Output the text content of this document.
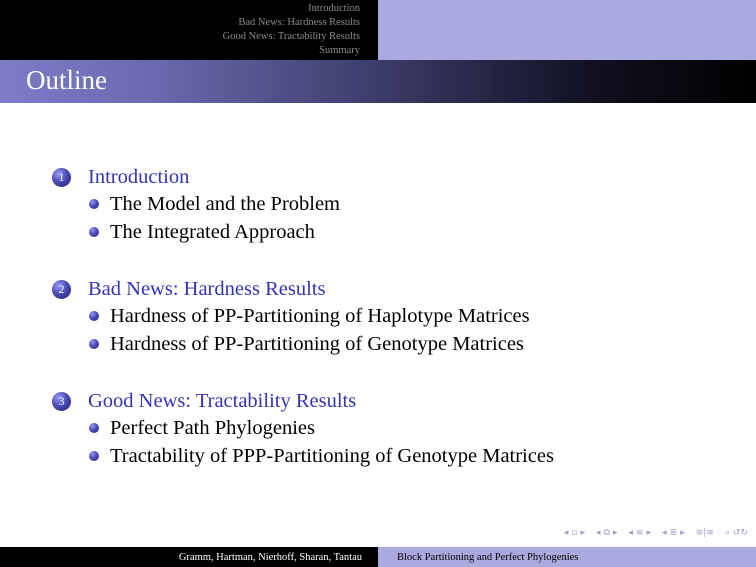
Introduction
Bad News: Hardness Results
Good News: Tractability Results
Summary
Outline
1	Introduction
The Model and the Problem
The Integrated Approach
2	Bad News: Hardness Results
Hardness of PP-Partitioning of Haplotype Matrices
Hardness of PP-Partitioning of Genotype Matrices
3	Good News: Tractability Results
Perfect Path Phylogenies
Tractability of PPP-Partitioning of Genotype Matrices
◂ ▫ ▸ ◂ ⧉ ▸ ◂ ≡ ▸ ◂ ≣ ▸ ≡|≡ ⌕ ↺↻
Gramm, Hartman, Nierhoff, Sharan, Tantau	Block Partitioning and Perfect Phylogenies
